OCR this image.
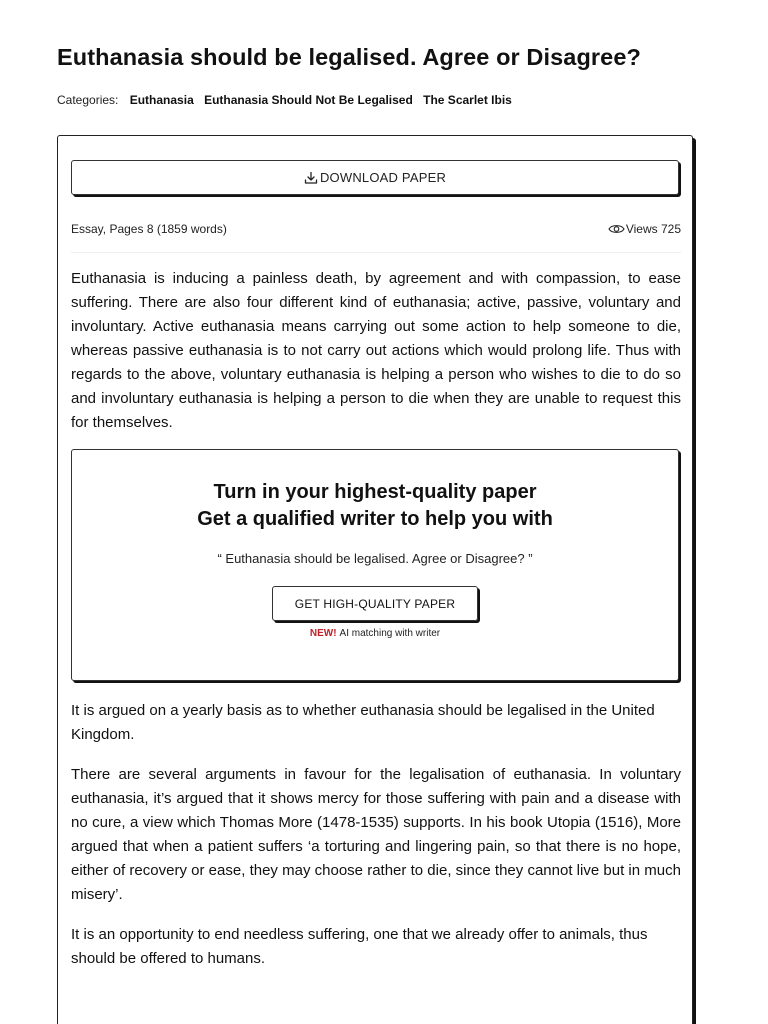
Euthanasia should be legalised. Agree or Disagree?
Categories: Euthanasia Euthanasia Should Not Be Legalised The Scarlet Ibis
DOWNLOAD PAPER
Essay, Pages 8 (1859 words)	Views 725

Euthanasia is inducing a painless death, by agreement and with compassion, to ease suffering. There are also four different kind of euthanasia; active, passive, voluntary and involuntary. Active euthanasia means carrying out some action to help someone to die, whereas passive euthanasia is to not carry out actions which would prolong life. Thus with regards to the above, voluntary euthanasia is helping a person who wishes to die to do so and involuntary euthanasia is helping a person to die when they are unable to request this for themselves.

Turn in your highest-quality paper
Get a qualified writer to help you with
“ Euthanasia should be legalised. Agree or Disagree? ”
GET HIGH-QUALITY PAPER
NEW! AI matching with writer

It is argued on a yearly basis as to whether euthanasia should be legalised in the United Kingdom.

There are several arguments in favour for the legalisation of euthanasia. In voluntary euthanasia, it’s argued that it shows mercy for those suffering with pain and a disease with no cure, a view which Thomas More (1478-1535) supports. In his book Utopia (1516), More argued that when a patient suffers ‘a torturing and lingering pain, so that there is no hope, either of recovery or ease, they may choose rather to die, since they cannot live but in much misery’.

It is an opportunity to end needless suffering, one that we already offer to animals, thus should be offered to humans.
